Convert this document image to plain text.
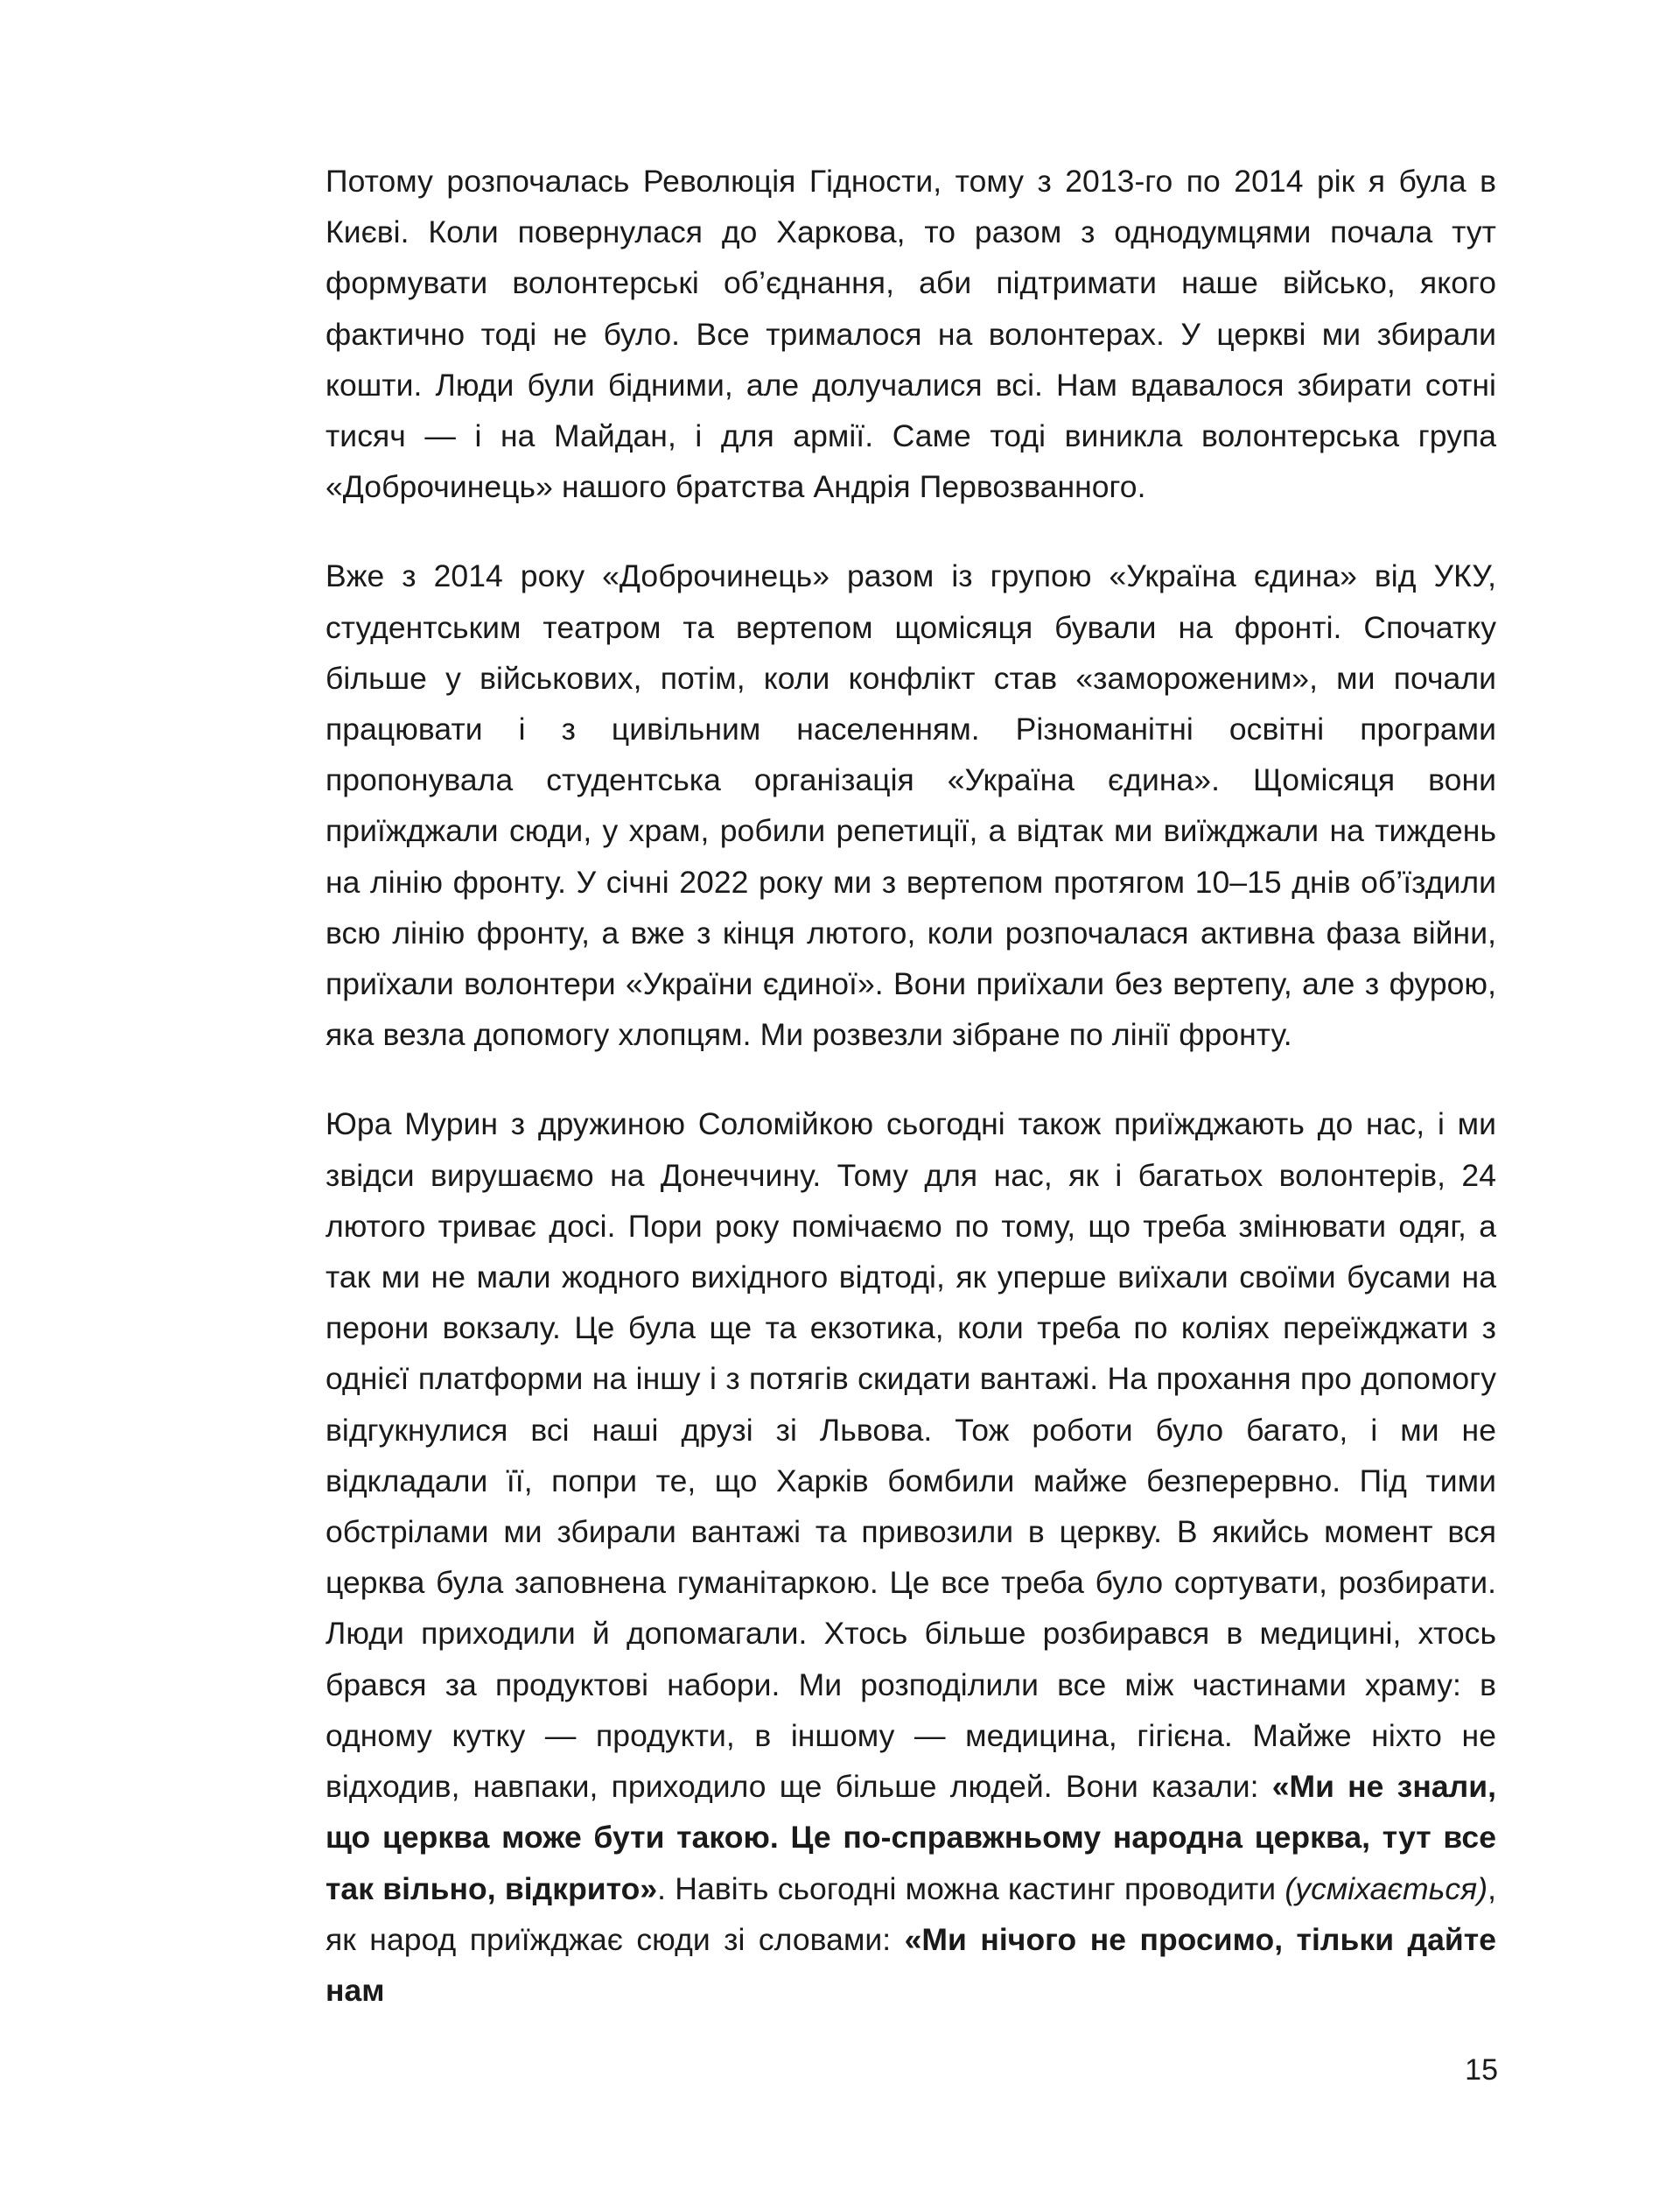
Потому розпочалась Революція Гідности, тому з 2013-го по 2014 рік я була в Києві. Коли повернулася до Харкова, то разом з однодумцями почала тут формувати волонтерські об’єднання, аби підтримати наше військо, якого фактично тоді не було. Все трималося на волонтерах. У церкві ми збирали кошти. Люди були бідними, але долучалися всі. Нам вдавалося збирати сотні тисяч — і на Майдан, і для армії. Саме тоді виникла волонтерська група «Доброчинець» нашого братства Андрія Первозванного.

Вже з 2014 року «Доброчинець» разом із групою «Україна єдина» від УКУ, студентським театром та вертепом щомісяця бували на фронті. Спочатку більше у військових, потім, коли конфлікт став «замороженим», ми почали працювати і з цивільним населенням. Різноманітні освітні програми пропонувала студентська організація «Україна єдина». Щомісяця вони приїжджали сюди, у храм, робили репетиції, а відтак ми виїжджали на тиждень на лінію фронту. У січні 2022 року ми з вертепом протягом 10–15 днів об’їздили всю лінію фронту, а вже з кінця лютого, коли розпочалася активна фаза війни, приїхали волонтери «України єдиної». Вони приїхали без вертепу, але з фурою, яка везла допомогу хлопцям. Ми розвезли зібране по лінії фронту.

Юра Мурин з дружиною Соломійкою сьогодні також приїжджають до нас, і ми звідси вирушаємо на Донеччину. Тому для нас, як і багатьох волонтерів, 24 лютого триває досі. Пори року помічаємо по тому, що треба змінювати одяг, а так ми не мали жодного вихідного відтоді, як уперше виїхали своїми бусами на перони вокзалу. Це була ще та екзотика, коли треба по коліях переїжджати з однієї платформи на іншу і з потягів скидати вантажі. На прохання про допомогу відгукнулися всі наші друзі зі Львова. Тож роботи було багато, і ми не відкладали її, попри те, що Харків бомбили майже безперервно. Під тими обстрілами ми збирали вантажі та привозили в церкву. В якийсь момент вся церква була заповнена гуманітаркою. Це все треба було сортувати, розбирати. Люди приходили й допомагали. Хтось більше розбирався в медицині, хтось брався за продуктові набори. Ми розподілили все між частинами храму: в одному кутку — продукти, в іншому — медицина, гігієна. Майже ніхто не відходив, навпаки, приходило ще більше людей. Вони казали: «Ми не знали, що церква може бути такою. Це по-справжньому народна церква, тут все так вільно, відкрито». Навіть сьогодні можна кастинг проводити (усміхається), як народ приїжджає сюди зі словами: «Ми нічого не просимо, тільки дайте нам

15
